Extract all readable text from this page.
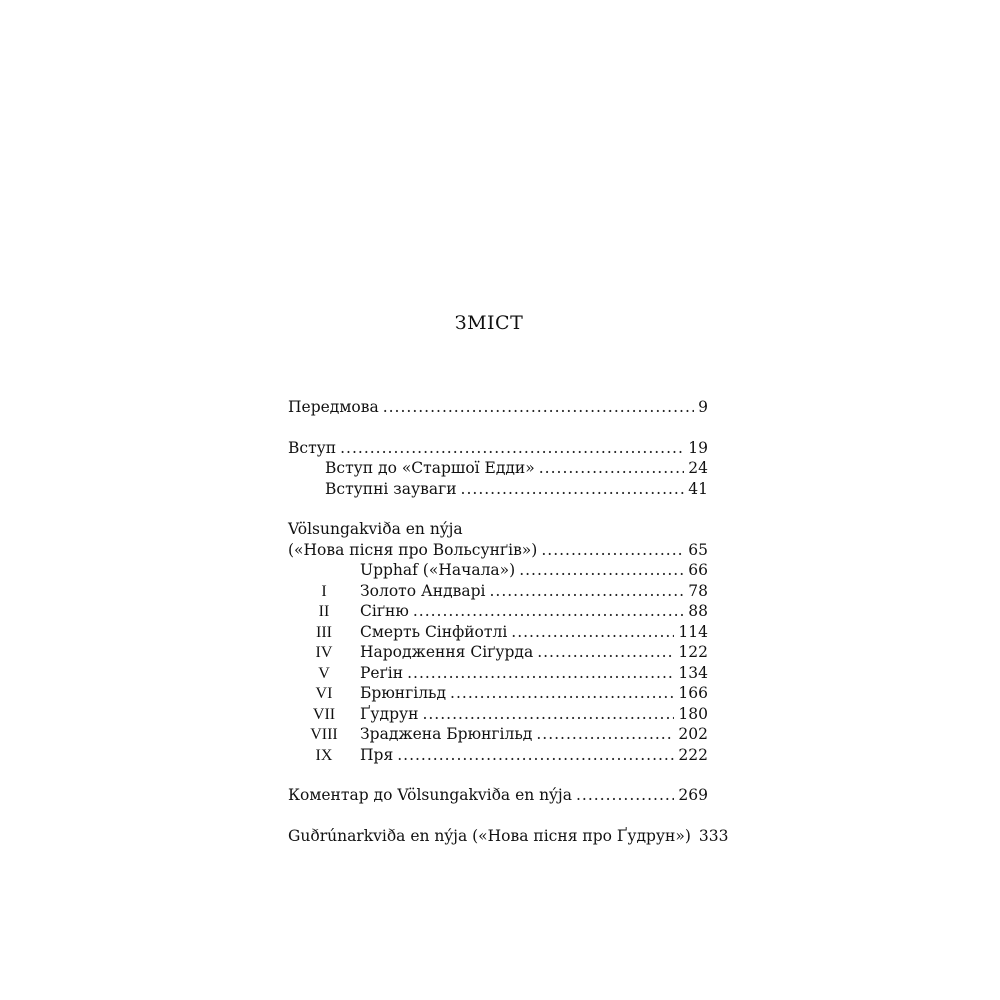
ЗМІСТ
Передмова .....	9
Вступ .....	19
Вступ до «Старшої Едди» .....	24
Вступні зауваги .....	41
Völsungakviða en nýja
(«Нова пісня про Вольсунґів») .....	65
Upphaf («Начала») .....	66
I	Золото Андварі .....	78
II	Сіґню .....	88
III	Смерть Сінфйотлі .....	114
IV	Народження Сіґурда .....	122
V	Реґін .....	134
VI	Брюнгільд .....	166
VII	Ґудрун .....	180
VIII	Зраджена Брюнгільд .....	202
IX	Пря .....	222
Коментар до Völsungakviða en nýja .....	269
Guðrúnarkviða en nýja («Нова пісня про Ґудрун») 333
